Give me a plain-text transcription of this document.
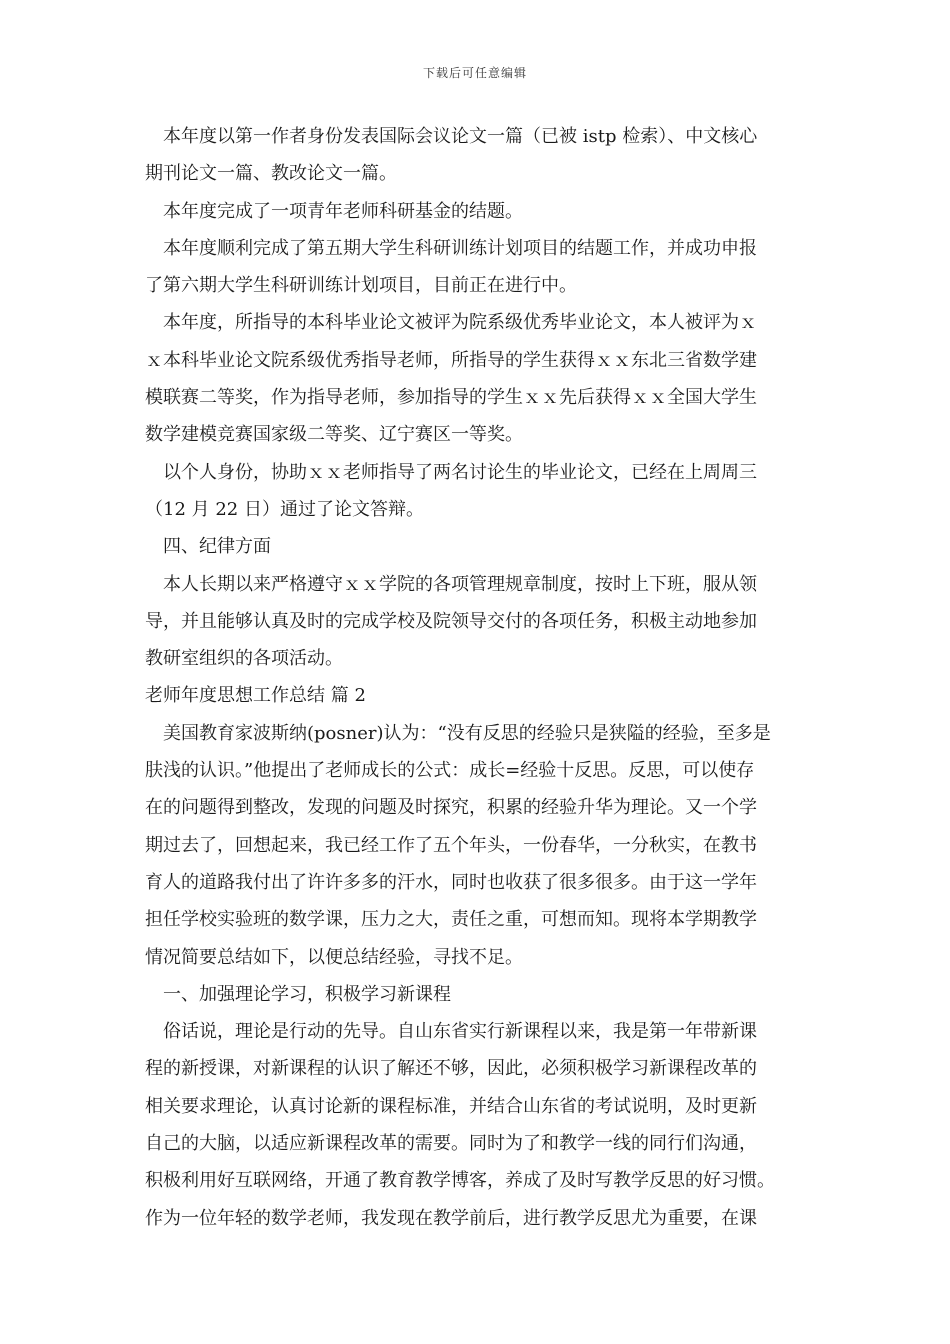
下载后可任意编辑
本年度以第一作者身份发表国际会议论文一篇（已被 istp 检索）、中文核心
期刊论文一篇、教改论文一篇。
本年度完成了一项青年老师科研基金的结题。
本年度顺利完成了第五期大学生科研训练计划项目的结题工作，并成功申报
了第六期大学生科研训练计划项目，目前正在进行中。
本年度，所指导的本科毕业论文被评为院系级优秀毕业论文，本人被评为ｘ
ｘ本科毕业论文院系级优秀指导老师，所指导的学生获得ｘｘ东北三省数学建
模联赛二等奖，作为指导老师，参加指导的学生ｘｘ先后获得ｘｘ全国大学生
数学建模竞赛国家级二等奖、辽宁赛区一等奖。
以个人身份，协助ｘｘ老师指导了两名讨论生的毕业论文，已经在上周周三
（12 月 22 日）通过了论文答辩。
四、纪律方面
本人长期以来严格遵守ｘｘ学院的各项管理规章制度，按时上下班，服从领
导，并且能够认真及时的完成学校及院领导交付的各项任务，积极主动地参加
教研室组织的各项活动。
老师年度思想工作总结 篇 2
美国教育家波斯纳(posner)认为：“没有反思的经验只是狭隘的经验，至多是
肤浅的认识。”他提出了老师成长的公式：成长=经验十反思。反思，可以使存
在的问题得到整改，发现的问题及时探究，积累的经验升华为理论。又一个学
期过去了，回想起来，我已经工作了五个年头，一份春华，一分秋实，在教书
育人的道路我付出了许许多多的汗水，同时也收获了很多很多。由于这一学年
担任学校实验班的数学课，压力之大，责任之重，可想而知。现将本学期教学
情况简要总结如下，以便总结经验，寻找不足。
一、加强理论学习，积极学习新课程
俗话说，理论是行动的先导。自山东省实行新课程以来，我是第一年带新课
程的新授课，对新课程的认识了解还不够，因此，必须积极学习新课程改革的
相关要求理论，认真讨论新的课程标准，并结合山东省的考试说明，及时更新
自己的大脑，以适应新课程改革的需要。同时为了和教学一线的同行们沟通，
积极利用好互联网络，开通了教育教学博客，养成了及时写教学反思的好习惯。
作为一位年轻的数学老师，我发现在教学前后，进行教学反思尤为重要，在课
